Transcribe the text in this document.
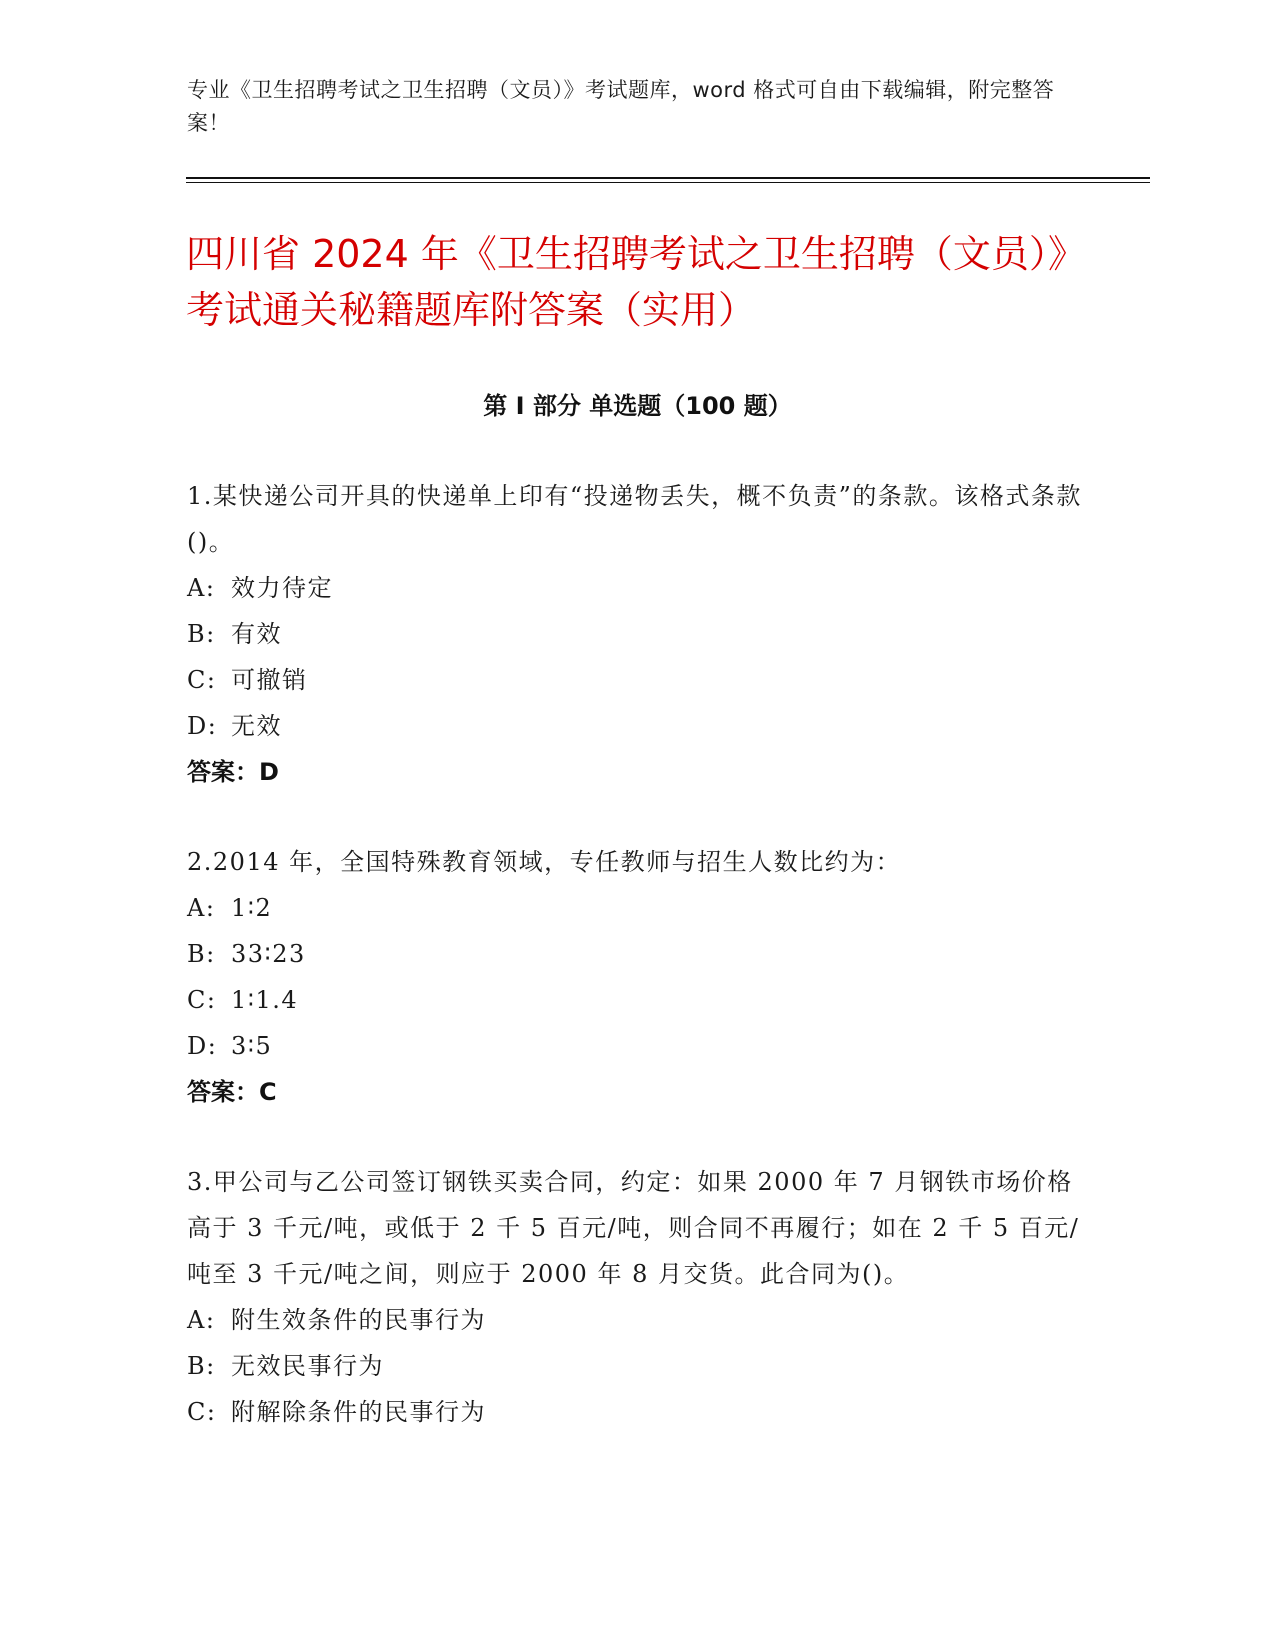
专业《卫生招聘考试之卫生招聘（文员）》考试题库，word 格式可自由下载编辑，附完整答案！
四川省 2024 年《卫生招聘考试之卫生招聘（文员）》考试通关秘籍题库附答案（实用）
第 I 部分 单选题（100 题）
1.某快递公司开具的快递单上印有“投递物丢失，概不负责”的条款。该格式条款()。
A: 效力待定
B: 有效
C: 可撤销
D: 无效
答案：D
2.2014 年，全国特殊教育领域，专任教师与招生人数比约为：
A: 1∶2
B: 33∶23
C: 1∶1.4
D: 3∶5
答案：C
3.甲公司与乙公司签订钢铁买卖合同，约定：如果 2000 年 7 月钢铁市场价格高于 3 千元/吨，或低于 2 千 5 百元/吨，则合同不再履行；如在 2 千 5 百元/吨至 3 千元/吨之间，则应于 2000 年 8 月交货。此合同为()。
A: 附生效条件的民事行为
B: 无效民事行为
C: 附解除条件的民事行为
